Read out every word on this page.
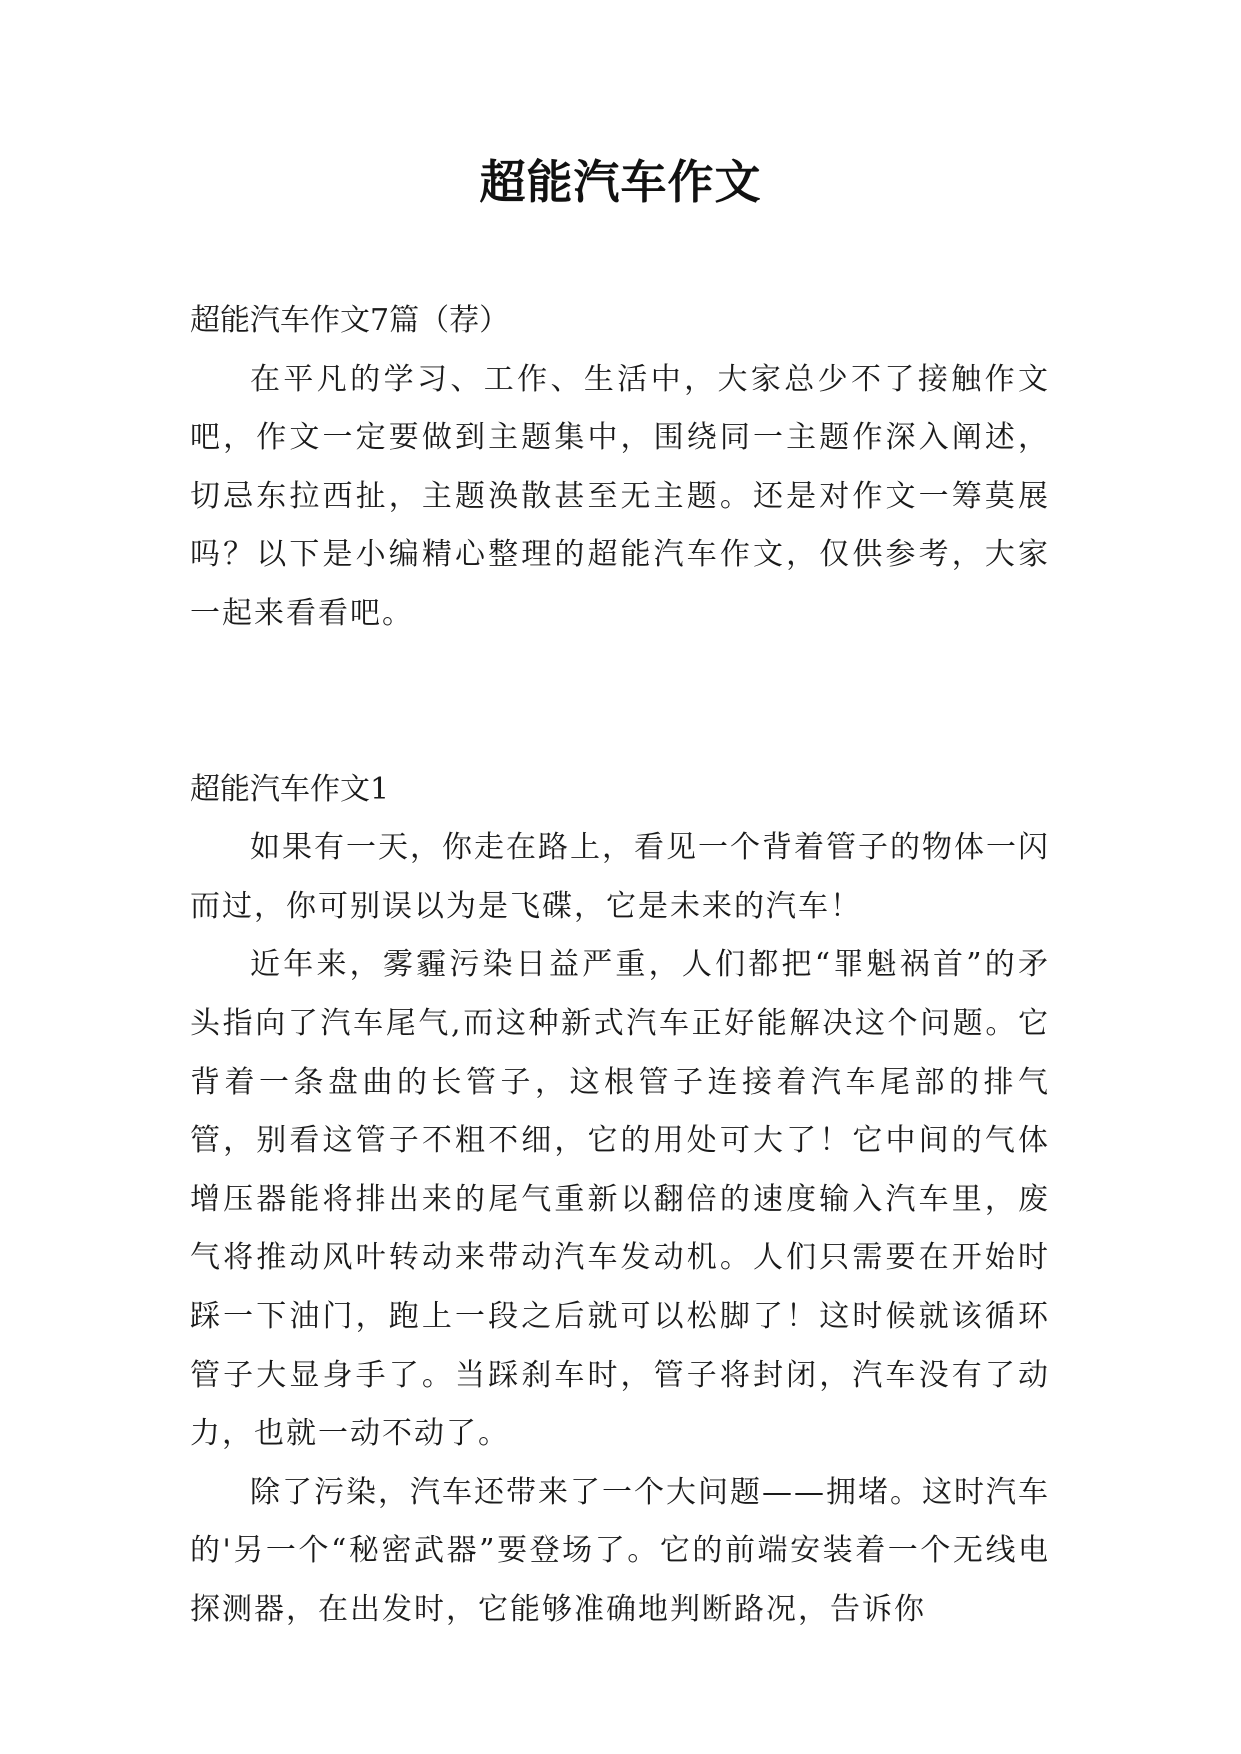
超能汽车作文

超能汽车作文7篇（荐）

在平凡的学习、工作、生活中，大家总少不了接触作文吧，作文一定要做到主题集中，围绕同一主题作深入阐述，切忌东拉西扯，主题涣散甚至无主题。还是对作文一筹莫展吗？以下是小编精心整理的超能汽车作文，仅供参考，大家一起来看看吧。

超能汽车作文1

如果有一天，你走在路上，看见一个背着管子的物体一闪而过，你可别误以为是飞碟，它是未来的汽车！

近年来，雾霾污染日益严重，人们都把“罪魁祸首”的矛头指向了汽车尾气,而这种新式汽车正好能解决这个问题。它背着一条盘曲的长管子，这根管子连接着汽车尾部的排气管，别看这管子不粗不细，它的用处可大了！它中间的气体增压器能将排出来的尾气重新以翻倍的速度输入汽车里，废气将推动风叶转动来带动汽车发动机。人们只需要在开始时踩一下油门，跑上一段之后就可以松脚了！这时候就该循环管子大显身手了。当踩刹车时，管子将封闭，汽车没有了动力，也就一动不动了。

除了污染，汽车还带来了一个大问题——拥堵。这时汽车的'另一个“秘密武器”要登场了。它的前端安装着一个无线电探测器，在出发时，它能够准确地判断路况，告诉你
